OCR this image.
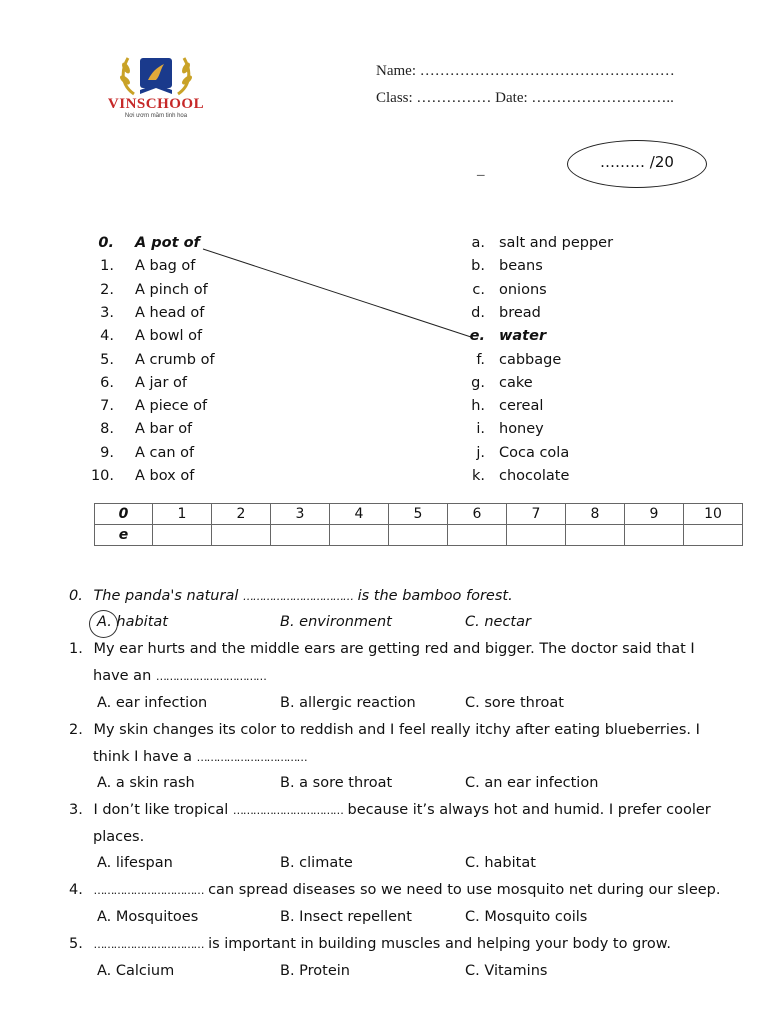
VINSCHOOL
Nơi ươm mầm tinh hoa
Name: ……………………………………………
Class: …………… Date: ………………………..
_	……… /20
0. A pot of
1. A bag of
2. A pinch of
3. A head of
4. A bowl of
5. A crumb of
6. A jar of
7. A piece of
8. A bar of
9. A can of
10. A box of
a. salt and pepper
b. beans
c. onions
d. bread
e. water
f. cabbage
g. cake
h. cereal
i. honey
j. Coca cola
k. chocolate
0	1	2	3	4	5	6	7	8	9	10
e										
0. The panda's natural …………………………… is the bamboo forest.
A. habitat	B. environment	C. nectar
1. My ear hurts and the middle ears are getting red and bigger. The doctor said that I
have an ……………………………
A. ear infection	B. allergic reaction	C. sore throat
2. My skin changes its color to reddish and I feel really itchy after eating blueberries. I
think I have a ……………………………
A. a skin rash	B. a sore throat	C. an ear infection
3. I don’t like tropical …………………………… because it’s always hot and humid. I prefer cooler
places.
A. lifespan	B. climate	C. habitat
4. …………………………… can spread diseases so we need to use mosquito net during our sleep.
A. Mosquitoes	B. Insect repellent	C. Mosquito coils
5. …………………………… is important in building muscles and helping your body to grow.
A. Calcium	B. Protein	C. Vitamins
